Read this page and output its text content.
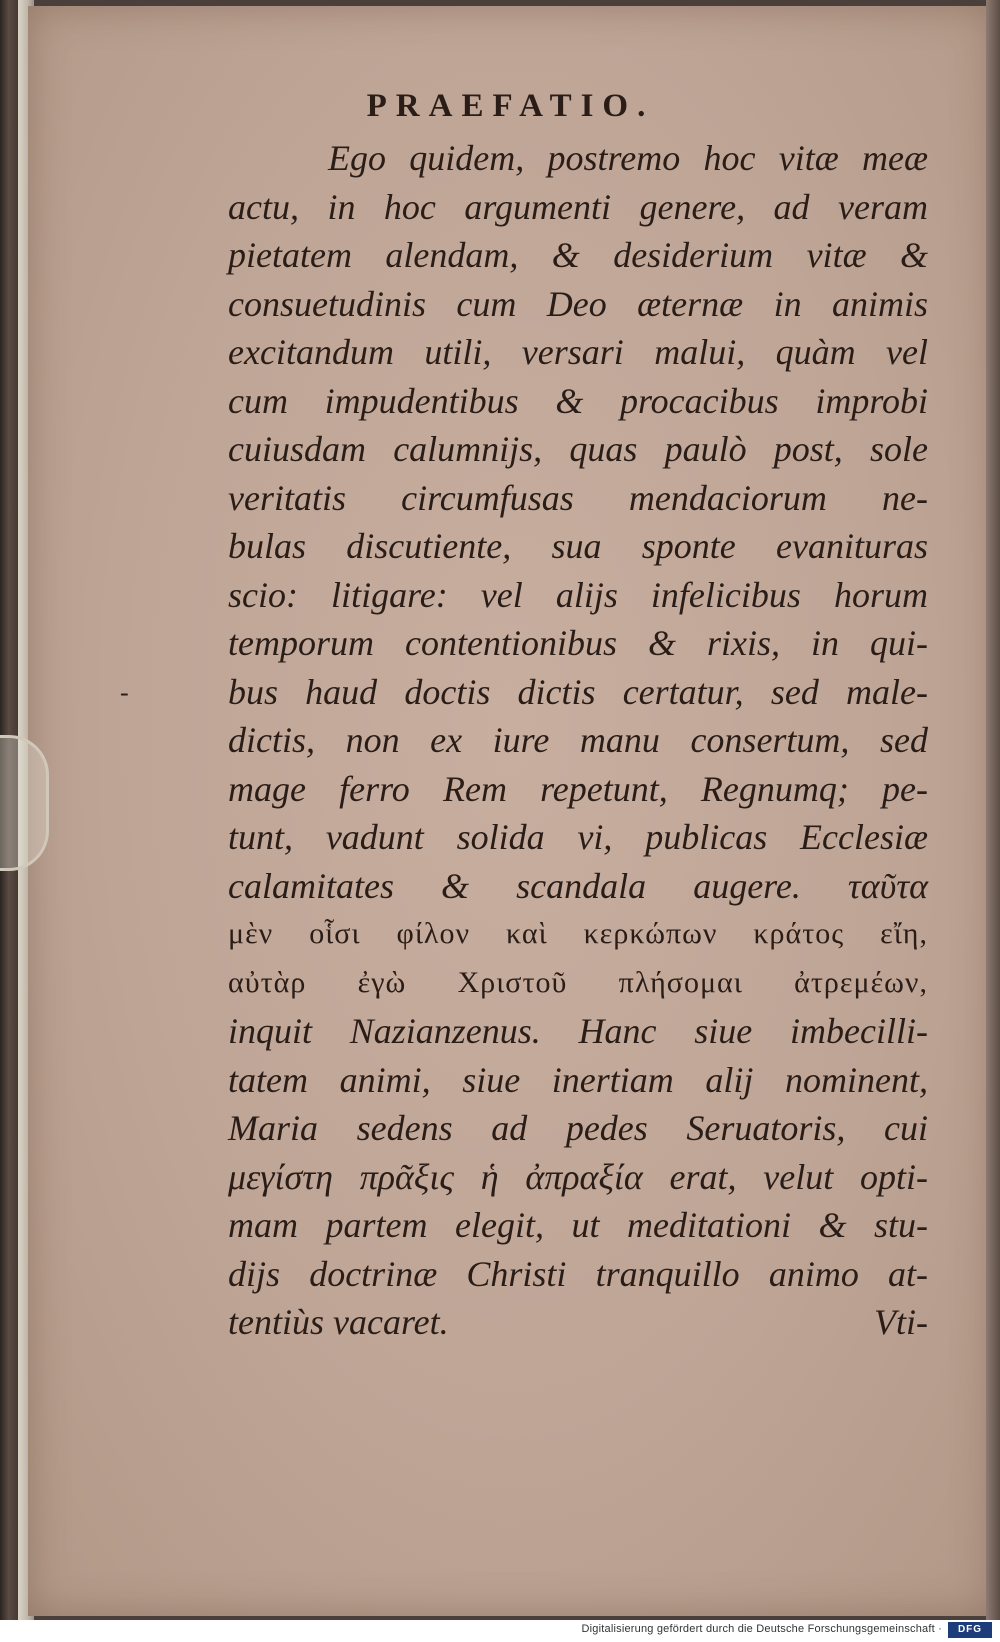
PRAEFATIO.
-
Ego quidem, postremo hoc vitæ meæ
actu, in hoc argumenti genere, ad veram
pietatem alendam, & desiderium vitæ &
consuetudinis cum Deo æternæ in animis
excitandum utili, versari malui, quàm vel
cum impudentibus & procacibus improbi
cuiusdam calumnijs, quas paulò post, sole
veritatis circumfusas mendaciorum ne-
bulas discutiente, sua sponte evanituras
scio: litigare: vel alijs infelicibus horum
temporum contentionibus & rixis, in qui-
bus haud doctis dictis certatur, sed male-
dictis, non ex iure manu consertum, sed
mage ferro Rem repetunt, Regnumq; pe-
tunt, vadunt solida vi, publicas Ecclesiæ
calamitates & scandala augere. ταῦτα
μὲν οἷσι φίλον καὶ κερκώπων κράτος εἴη,
αὐτὰρ ἐγὼ Χριστοῦ πλήσομαι ἀτρεμέων,
inquit Nazianzenus. Hanc siue imbecilli-
tatem animi, siue inertiam alij nominent,
Maria sedens ad pedes Seruatoris, cui
μεγίστη πρᾶξις ἡ ἀπραξία erat, velut opti-
mam partem elegit, ut meditationi & stu-
dijs doctrinæ Christi tranquillo animo at-
tentiùs vacaret.	Vti-
Digitalisierung gefördert durch die Deutsche Forschungsgemeinschaft ·	DFG
